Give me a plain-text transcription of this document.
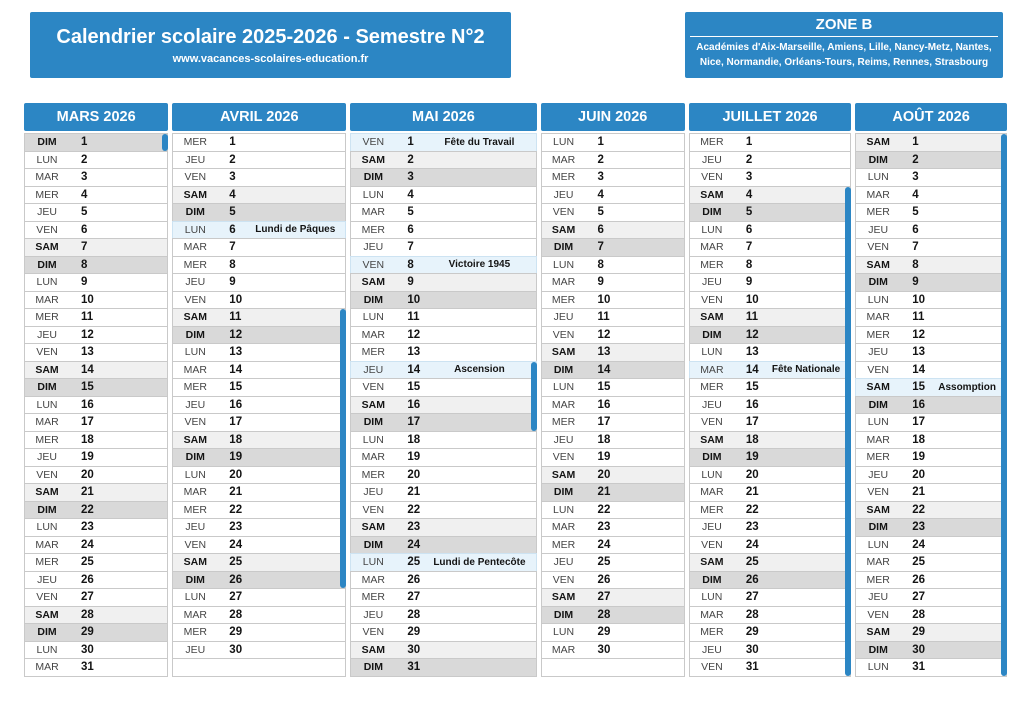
Calendrier scolaire 2025-2026 - Semestre N°2
www.vacances-scolaires-education.fr
ZONE B
Académies d'Aix-Marseille, Amiens, Lille, Nancy-Metz, Nantes, Nice, Normandie, Orléans-Tours, Reims, Rennes, Strasbourg
MARS 2026
DIM	1
LUN	2
MAR	3
MER	4
JEU	5
VEN	6
SAM	7
DIM	8
LUN	9
MAR	10
MER	11
JEU	12
VEN	13
SAM	14
DIM	15
LUN	16
MAR	17
MER	18
JEU	19
VEN	20
SAM	21
DIM	22
LUN	23
MAR	24
MER	25
JEU	26
VEN	27
SAM	28
DIM	29
LUN	30
MAR	31
AVRIL 2026
MER	1
JEU	2
VEN	3
SAM	4
DIM	5
LUN	6	Lundi de Pâques
MAR	7
MER	8
JEU	9
VEN	10
SAM	11
DIM	12
LUN	13
MAR	14
MER	15
JEU	16
VEN	17
SAM	18
DIM	19
LUN	20
MAR	21
MER	22
JEU	23
VEN	24
SAM	25
DIM	26
LUN	27
MAR	28
MER	29
JEU	30
MAI 2026
VEN	1	Fête du Travail
SAM	2
DIM	3
LUN	4
MAR	5
MER	6
JEU	7
VEN	8	Victoire 1945
SAM	9
DIM	10
LUN	11
MAR	12
MER	13
JEU	14	Ascension
VEN	15
SAM	16
DIM	17
LUN	18
MAR	19
MER	20
JEU	21
VEN	22
SAM	23
DIM	24
LUN	25	Lundi de Pentecôte
MAR	26
MER	27
JEU	28
VEN	29
SAM	30
DIM	31
JUIN 2026
LUN	1
MAR	2
MER	3
JEU	4
VEN	5
SAM	6
DIM	7
LUN	8
MAR	9
MER	10
JEU	11
VEN	12
SAM	13
DIM	14
LUN	15
MAR	16
MER	17
JEU	18
VEN	19
SAM	20
DIM	21
LUN	22
MAR	23
MER	24
JEU	25
VEN	26
SAM	27
DIM	28
LUN	29
MAR	30
JUILLET 2026
MER	1
JEU	2
VEN	3
SAM	4
DIM	5
LUN	6
MAR	7
MER	8
JEU	9
VEN	10
SAM	11
DIM	12
LUN	13
MAR	14	Fête Nationale
MER	15
JEU	16
VEN	17
SAM	18
DIM	19
LUN	20
MAR	21
MER	22
JEU	23
VEN	24
SAM	25
DIM	26
LUN	27
MAR	28
MER	29
JEU	30
VEN	31
AOÛT 2026
SAM	1
DIM	2
LUN	3
MAR	4
MER	5
JEU	6
VEN	7
SAM	8
DIM	9
LUN	10
MAR	11
MER	12
JEU	13
VEN	14
SAM	15	Assomption
DIM	16
LUN	17
MAR	18
MER	19
JEU	20
VEN	21
SAM	22
DIM	23
LUN	24
MAR	25
MER	26
JEU	27
VEN	28
SAM	29
DIM	30
LUN	31
